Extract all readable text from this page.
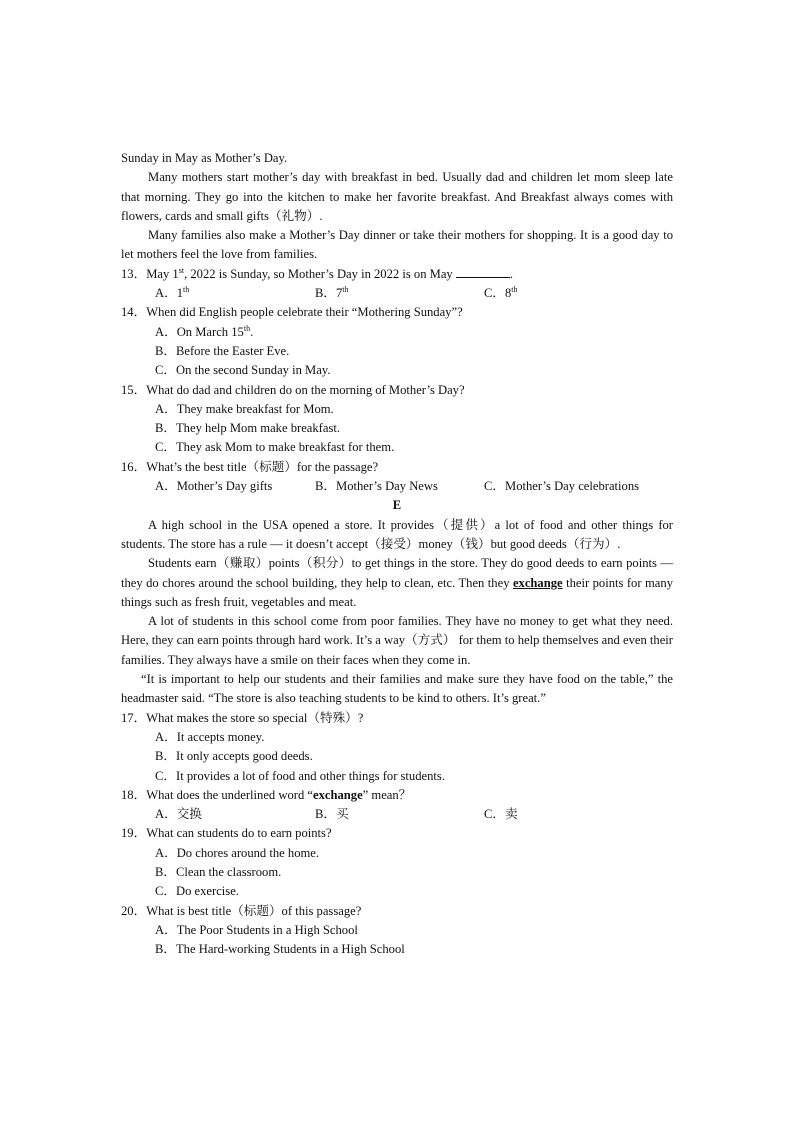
Sunday in May as Mother’s Day.

Many mothers start mother’s day with breakfast in bed. Usually dad and children let mom sleep late that morning. They go into the kitchen to make her favorite breakfast. And Breakfast always comes with flowers, cards and small gifts（礼物）.

Many families also make a Mother’s Day dinner or take their mothers for shopping. It is a good day to let mothers feel the love from families.

13．May 1st, 2022 is Sunday, so Mother’s Day in 2022 is on May	.

A．1th	B．7th	C．8th

14．When did English people celebrate their “Mothering Sunday”?

A．On March 15th.

B．Before the Easter Eve.

C．On the second Sunday in May.

15．What do dad and children do on the morning of Mother’s Day?

A．They make breakfast for Mom.

B．They help Mom make breakfast.

C．They ask Mom to make breakfast for them.

16．What’s the best title（标题）for the passage?

A．Mother’s Day gifts	B．Mother’s Day News	C．Mother’s Day celebrations

E

A high school in the USA opened a store. It provides（提供）a lot of food and other things for students. The store has a rule — it doesn’t accept（接受）money（钱）but good deeds（行为）.

Students earn（赚取）points（积分）to get things in the store. They do good deeds to earn points — they do chores around the school building, they help to clean, etc. Then they exchange their points for many things such as fresh fruit, vegetables and meat.

A lot of students in this school come from poor families. They have no money to get what they need. Here, they can earn points through hard work. It’s a way（方式） for them to help themselves and even their families. They always have a smile on their faces when they come in.

“It is important to help our students and their families and make sure they have food on the table,” the headmaster said. “The store is also teaching students to be kind to others. It’s great.”

17．What makes the store so special（特殊）?

A．It accepts money.

B．It only accepts good deeds.

C．It provides a lot of food and other things for students.

18．What does the underlined word “exchange” mean？

A．交换	B．买	C．卖

19．What can students do to earn points?

A．Do chores around the home.

B．Clean the classroom.

C．Do exercise.

20．What is best title（标题）of this passage?

A．The Poor Students in a High School

B．The Hard-working Students in a High School
